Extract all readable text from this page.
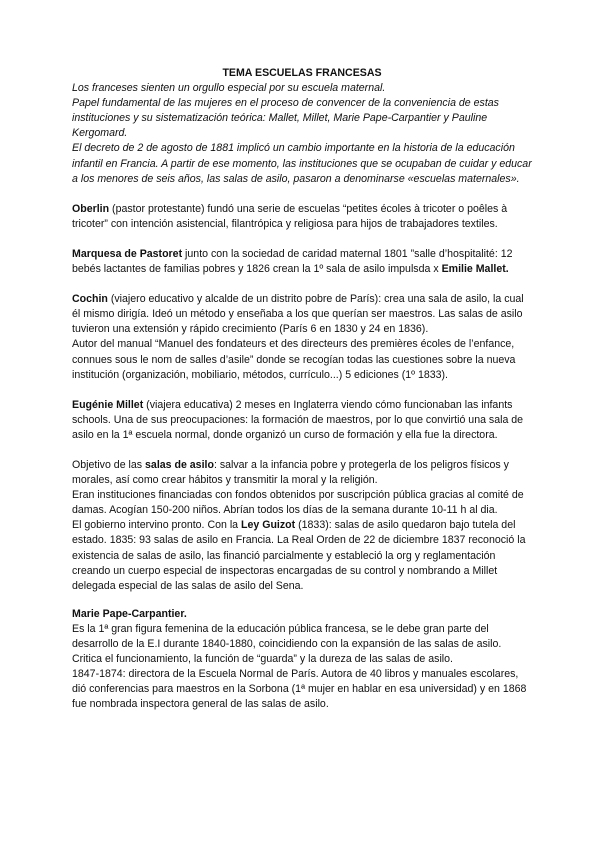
TEMA ESCUELAS FRANCESAS

Los franceses sienten un orgullo especial por su escuela maternal.

Papel fundamental de las mujeres en el proceso de convencer de la conveniencia de estas instituciones y su sistematización teórica: Mallet, Millet, Marie Pape-Carpantier y Pauline Kergomard.

El decreto de 2 de agosto de 1881 implicó un cambio importante en la historia de la educación infantil en Francia. A partir de ese momento, las instituciones que se ocupaban de cuidar y educar a los menores de seis años, las salas de asilo, pasaron a denominarse «escuelas maternales».

Oberlin (pastor protestante) fundó una serie de escuelas “petites écoles à tricoter o poêles à tricoter” con intención asistencial, filantrópica y religiosa para hijos de trabajadores textiles.

Marquesa de Pastoret junto con la sociedad de caridad maternal 1801 ”salle d’hospitalité: 12 bebés lactantes de familias pobres y 1826 crean la 1º sala de asilo impulsda x Emilie Mallet.

Cochin (viajero educativo y alcalde de un distrito pobre de París): crea una sala de asilo, la cual él mismo dirigía. Ideó un método y enseñaba a los que querían ser maestros. Las salas de asilo tuvieron una extensión y rápido crecimiento (París 6 en 1830 y 24 en 1836).

Autor del manual “Manuel des fondateurs et des directeurs des premières écoles de l’enfance, connues sous le nom de salles d’asile” donde se recogían todas las cuestiones sobre la nueva institución (organización, mobiliario, métodos, currículo...) 5 ediciones (1º 1833).

Eugénie Millet (viajera educativa) 2 meses en Inglaterra viendo cómo funcionaban las infants schools. Una de sus preocupaciones: la formación de maestros, por lo que convirtió una sala de asilo en la 1ª escuela normal, donde organizó un curso de formación y ella fue la directora.

Objetivo de las salas de asilo: salvar a la infancia pobre y protegerla de los peligros físicos y morales, así como crear hábitos y transmitir la moral y la religión.

Eran instituciones financiadas con fondos obtenidos por suscripción pública gracias al comité de damas. Acogían 150-200 niños. Abrían todos los días de la semana durante 10-11 h al dia.

El gobierno intervino pronto. Con la Ley Guizot (1833): salas de asilo quedaron bajo tutela del estado. 1835: 93 salas de asilo en Francia. La Real Orden de 22 de diciembre 1837 reconoció la existencia de salas de asilo, las financió parcialmente y estableció la org y reglamentación creando un cuerpo especial de inspectoras encargadas de su control y nombrando a Millet delegada especial de las salas de asilo del Sena.

Marie Pape-Carpantier.

Es la 1ª gran figura femenina de la educación pública francesa, se le debe gran parte del desarrollo de la E.I durante 1840-1880, coincidiendo con la expansión de las salas de asilo.

Critica el funcionamiento, la función de “guarda” y la dureza de las salas de asilo.

1847-1874: directora de la Escuela Normal de París. Autora de 40 libros y manuales escolares, dió conferencias para maestros en la Sorbona (1ª mujer en hablar en esa universidad) y en 1868 fue nombrada inspectora general de las salas de asilo.
